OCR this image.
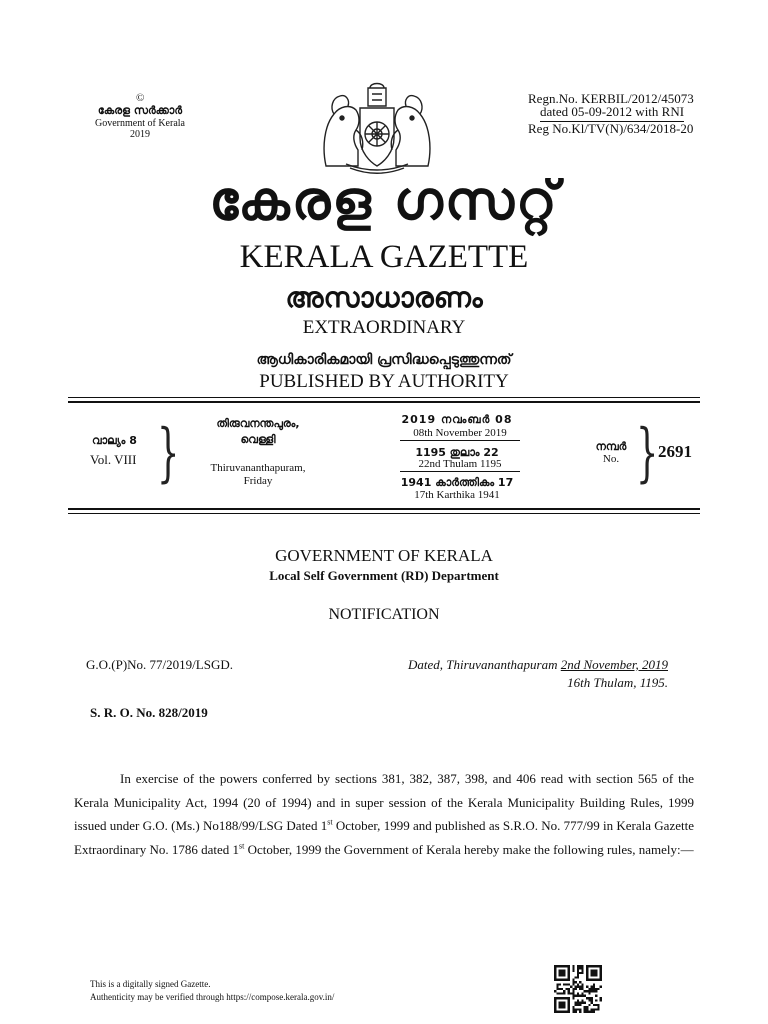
©
കേരള സർക്കാർ
Government of Kerala
2019
Regn.No. KERBIL/2012/45073
dated 05-09-2012 with RNI
Reg No.Kl/TV(N)/634/2018-20
കേരള ഗസറ്റ്
KERALA GAZETTE
അസാധാരണം
EXTRAORDINARY
ആധികാരികമായി പ്രസിദ്ധപ്പെടുത്തുന്നത്
PUBLISHED BY AUTHORITY
വാല്യം 8
Vol. VIII }	തിരുവനന്തപുരം,
വെള്ളി
Thiruvananthapuram,
Friday
2019 നവംബർ 08
08th November 2019
1195 തുലാം 22
22nd Thulam 1195
1941 കാർത്തികം 17
17th Karthika 1941
നമ്പർ
No. } 2691
GOVERNMENT OF KERALA
Local Self Government (RD) Department
NOTIFICATION
G.O.(P)No. 77/2019/LSGD.	Dated, Thiruvananthapuram 2nd November, 2019
16th Thulam, 1195.
S. R. O. No. 828/2019
In exercise of the powers conferred by sections 381, 382, 387, 398, and 406 read with section 565 of the Kerala Municipality Act, 1994 (20 of 1994) and in super session of the Kerala Municipality Building Rules, 1999 issued under G.O. (Ms.) No188/99/LSG Dated 1st October, 1999 and published as S.R.O. No. 777/99 in Kerala Gazette Extraordinary No. 1786 dated 1st October, 1999 the Government of Kerala hereby make the following rules, namely:—
This is a digitally signed Gazette.
Authenticity may be verified through https://compose.kerala.gov.in/
